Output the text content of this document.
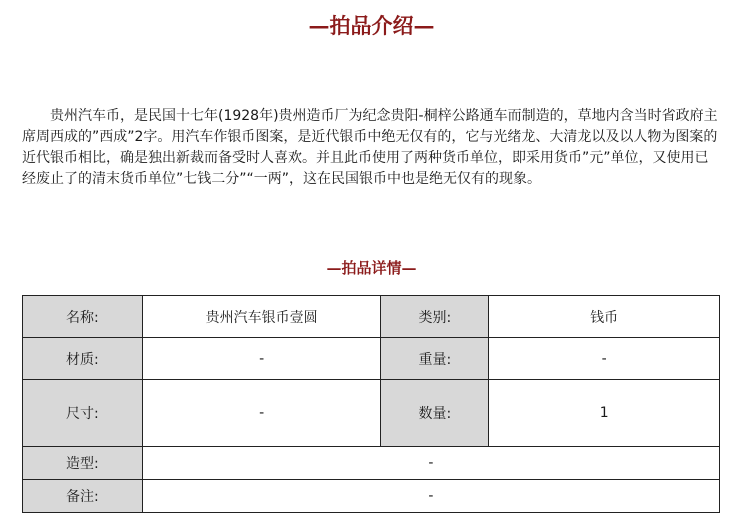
—拍品介绍—

贵州汽车币，是民国十七年(1928年)贵州造币厂为纪念贵阳-桐梓公路通车而制造的，草地内含当时省政府主席周西成的”西成”2字。用汽车作银币图案，是近代银币中绝无仅有的，它与光绪龙、大清龙以及以人物为图案的近代银币相比，确是独出新裁而备受时人喜欢。并且此币使用了两种货币单位，即采用货币”元”单位，又使用已经废止了的清末货币单位”七钱二分”“一两”，这在民国银币中也是绝无仅有的现象。

—拍品详情—
名称:	贵州汽车银币壹圆	类别:	钱币
材质:	-	重量:	-
尺寸:	-	数量:	1
造型:	-		
备注:	-		
